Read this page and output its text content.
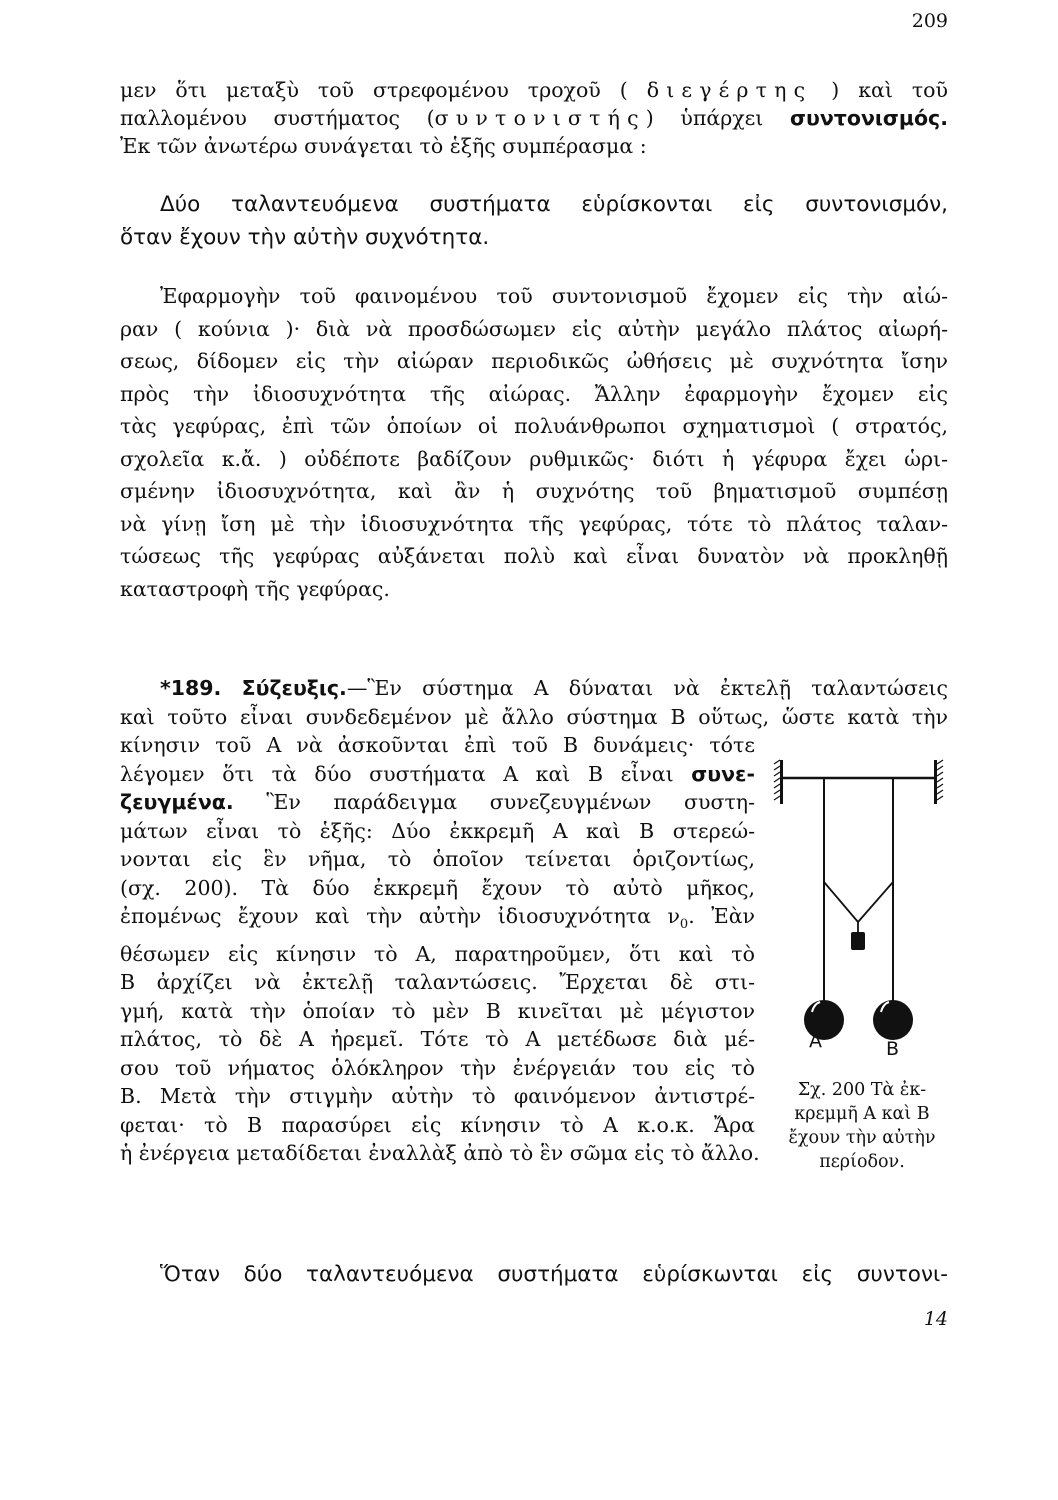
209
μεν ὅτι μεταξὺ τοῦ στρεφομένου τροχοῦ ( διεγέρτης ) καὶ τοῦ
παλλομένου συστήματος (συντονιστής) ὑπάρχει συντονισμός.
Ἐκ τῶν ἀνωτέρω συνάγεται τὸ ἑξῆς συμπέρασμα :
Δύο ταλαντευόμενα συστήματα εὑρίσκονται εἰς συντονισμόν,
ὅταν ἔχουν τὴν αὐτὴν συχνότητα.
Ἐφαρμογὴν τοῦ φαινομένου τοῦ συντονισμοῦ ἔχομεν εἰς τὴν αἰώ-
ραν ( κούνια )· διὰ νὰ προσδώσωμεν εἰς αὐτὴν μεγάλο πλάτος αἰωρή-
σεως, δίδομεν εἰς τὴν αἰώραν περιοδικῶς ὠθήσεις μὲ συχνότητα ἴσην
πρὸς τὴν ἰδιοσυχνότητα τῆς αἰώρας. Ἄλλην ἐφαρμογὴν ἔχομεν εἰς
τὰς γεφύρας, ἐπὶ τῶν ὁποίων οἱ πολυάνθρωποι σχηματισμοὶ ( στρατός,
σχολεῖα κ.ἄ. ) οὐδέποτε βαδίζουν ρυθμικῶς· διότι ἡ γέφυρα ἔχει ὡρι-
σμένην ἰδιοσυχνότητα, καὶ ἂν ἡ συχνότης τοῦ βηματισμοῦ συμπέσῃ
νὰ γίνῃ ἴση μὲ τὴν ἰδιοσυχνότητα τῆς γεφύρας, τότε τὸ πλάτος ταλαν-
τώσεως τῆς γεφύρας αὐξάνεται πολὺ καὶ εἶναι δυνατὸν νὰ προκληθῇ
καταστροφὴ τῆς γεφύρας.
*189. Σύζευξις.—Ἓν σύστημα Α δύναται νὰ ἐκτελῇ ταλαντώσεις
καὶ τοῦτο εἶναι συνδεδεμένον μὲ ἄλλο σύστημα Β οὕτως, ὥστε κατὰ τὴν
κίνησιν τοῦ Α νὰ ἀσκοῦνται ἐπὶ τοῦ Β δυνάμεις· τότε
λέγομεν ὅτι τὰ δύο συστήματα Α καὶ Β εἶναι συνε-
ζευγμένα. Ἓν παράδειγμα συνεζευγμένων συστη-
μάτων εἶναι τὸ ἑξῆς: Δύο ἐκκρεμῆ Α καὶ Β στερεώ-
νονται εἰς ἓν νῆμα, τὸ ὁποῖον τείνεται ὁριζοντίως,
(σχ. 200). Τὰ δύο ἐκκρεμῆ ἔχουν τὸ αὐτὸ μῆκος,
ἐπομένως ἔχουν καὶ τὴν αὐτὴν ἰδιοσυχνότητα $\nu_0$. Ἐὰν
θέσωμεν εἰς κίνησιν τὸ Α, παρατηροῦμεν, ὅτι καὶ τὸ
Β ἀρχίζει νὰ ἐκτελῇ ταλαντώσεις. Ἔρχεται δὲ στι-
γμή, κατὰ τὴν ὁποίαν τὸ μὲν Β κινεῖται μὲ μέγιστον
πλάτος, τὸ δὲ Α ἠρεμεῖ. Τότε τὸ Α μετέδωσε διὰ μέ-
σου τοῦ νήματος ὁλόκληρον τὴν ἐνέργειάν του εἰς τὸ
Β. Μετὰ τὴν στιγμὴν αὐτὴν τὸ φαινόμενον ἀντιστρέ-
φεται· τὸ Β παρασύρει εἰς κίνησιν τὸ Α κ.ο.κ. Ἄρα
ἡ ἐνέργεια μεταδίδεται ἐναλλὰξ ἀπὸ τὸ ἓν σῶμα εἰς τὸ ἄλλο.
Α	Β
Σχ. 200 Τὰ ἐκ-
κρεμμῆ Α καὶ Β
ἔχουν τὴν αὐτὴν
περίοδον.
Ὅταν δύο ταλαντευόμενα συστήματα εὑρίσκωνται εἰς συντονι-
14
